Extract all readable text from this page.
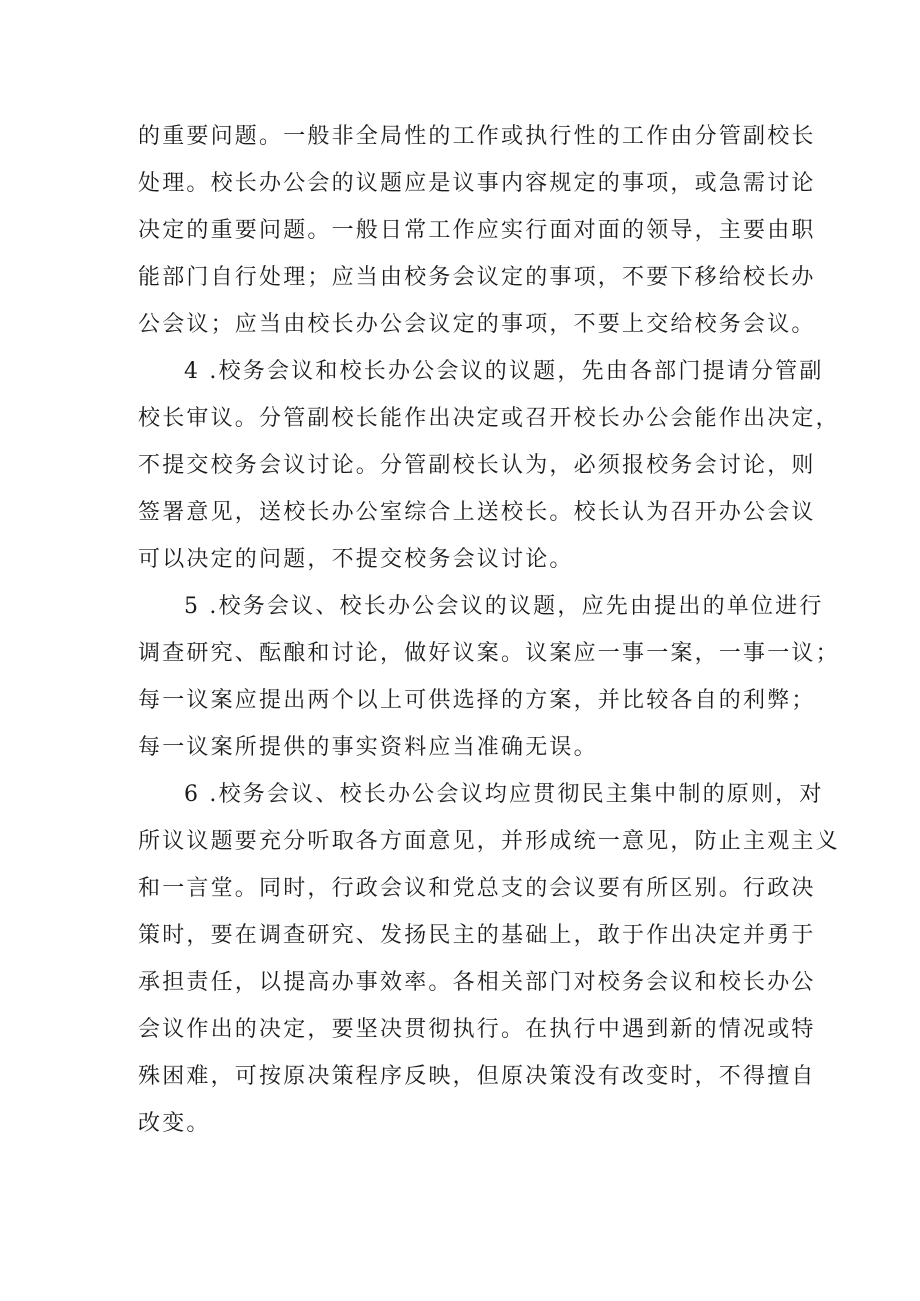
的重要问题。一般非全局性的工作或执行性的工作由分管副校长
处理。校长办公会的议题应是议事内容规定的事项，或急需讨论
决定的重要问题。一般日常工作应实行面对面的领导，主要由职
能部门自行处理；应当由校务会议定的事项，不要下移给校长办
公会议；应当由校长办公会议定的事项，不要上交给校务会议。
4 .校务会议和校长办公会议的议题，先由各部门提请分管副
校长审议。分管副校长能作出决定或召开校长办公会能作出决定，
不提交校务会议讨论。分管副校长认为，必须报校务会讨论，则
签署意见，送校长办公室综合上送校长。校长认为召开办公会议
可以决定的问题，不提交校务会议讨论。
5 .校务会议、校长办公会议的议题，应先由提出的单位进行
调查研究、酝酿和讨论，做好议案。议案应一事一案，一事一议；
每一议案应提出两个以上可供选择的方案，并比较各自的利弊；
每一议案所提供的事实资料应当准确无误。
6 .校务会议、校长办公会议均应贯彻民主集中制的原则，对
所议议题要充分听取各方面意见，并形成统一意见，防止主观主义
和一言堂。同时，行政会议和党总支的会议要有所区别。行政决
策时，要在调查研究、发扬民主的基础上，敢于作出决定并勇于
承担责任，以提高办事效率。各相关部门对校务会议和校长办公
会议作出的决定，要坚决贯彻执行。在执行中遇到新的情况或特
殊困难，可按原决策程序反映，但原决策没有改变时，不得擅自
改变。
